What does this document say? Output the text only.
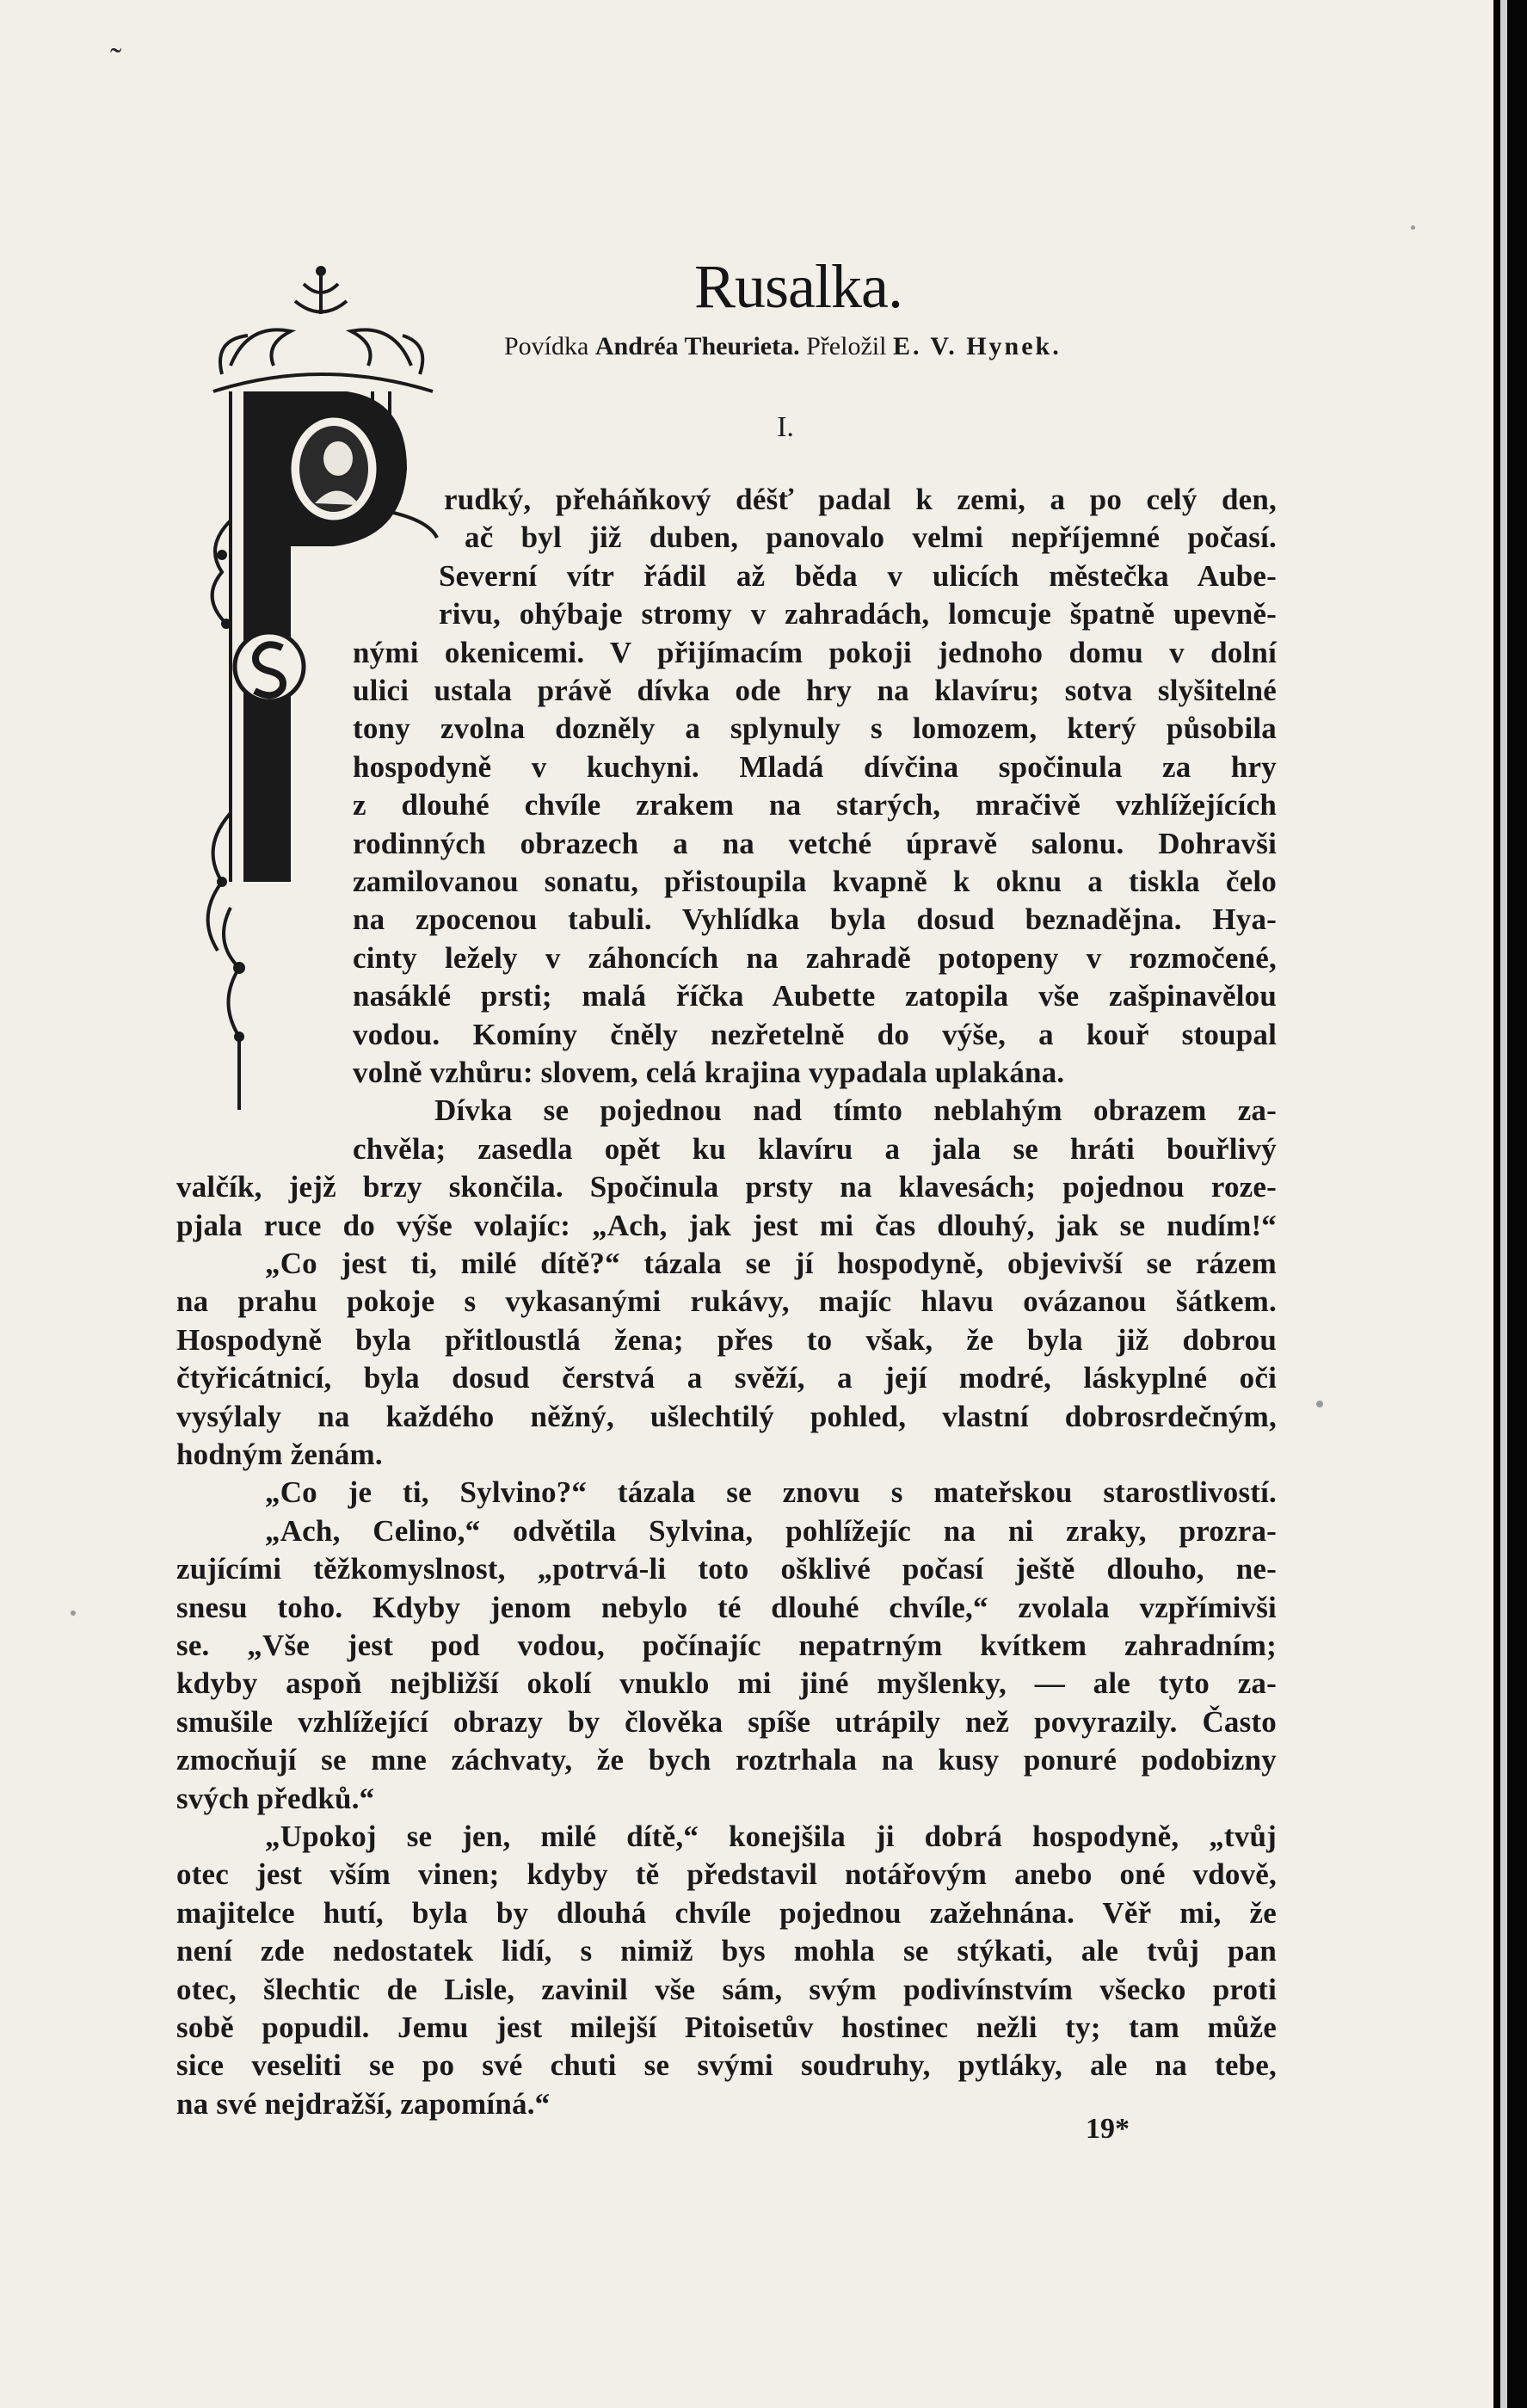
˜
Rusalka.
Povídka Andréa Theurieta. Přeložil E. V. Hynek.
I.
rudký, přeháňkový déšť padal k zemi, a po celý den,
ač byl již duben, panovalo velmi nepříjemné počasí.
Severní vítr řádil až běda v ulicích městečka Aube-
rivu, ohýbaje stromy v zahradách, lomcuje špatně upevně-
nými okenicemi. V přijímacím pokoji jednoho domu v dolní
ulici ustala právě dívka ode hry na klavíru; sotva slyšitelné
tony zvolna dozněly a splynuly s lomozem, který působila
hospodyně v kuchyni. Mladá dívčina spočinula za hry
z dlouhé chvíle zrakem na starých, mračivě vzhlížejících
rodinných obrazech a na vetché úpravě salonu. Dohravši
zamilovanou sonatu, přistoupila kvapně k oknu a tiskla čelo
na zpocenou tabuli. Vyhlídka byla dosud beznadějna. Hya-
cinty ležely v záhoncích na zahradě potopeny v rozmočené,
nasáklé prsti; malá říčka Aubette zatopila vše zašpinavělou
vodou. Komíny čněly nezřetelně do výše, a kouř stoupal
volně vzhůru: slovem, celá krajina vypadala uplakána.
Dívka se pojednou nad tímto neblahým obrazem za-
chvěla; zasedla opět ku klavíru a jala se hráti bouřlivý
valčík, jejž brzy skončila. Spočinula prsty na klavesách; pojednou roze-
pjala ruce do výše volajíc: „Ach, jak jest mi čas dlouhý, jak se nudím!“
„Co jest ti, milé dítě?“ tázala se jí hospodyně, objevivší se rázem
na prahu pokoje s vykasanými rukávy, majíc hlavu ovázanou šátkem.
Hospodyně byla přitloustlá žena; přes to však, že byla již dobrou
čtyřicátnicí, byla dosud čerstvá a svěží, a její modré, láskyplné oči
vysýlaly na každého něžný, ušlechtilý pohled, vlastní dobrosrdečným,
hodným ženám.
„Co je ti, Sylvino?“ tázala se znovu s mateřskou starostlivostí.
„Ach, Celino,“ odvětila Sylvina, pohlížejíc na ni zraky, prozra-
zujícími těžkomyslnost, „potrvá-li toto ošklivé počasí ještě dlouho, ne-
snesu toho. Kdyby jenom nebylo té dlouhé chvíle,“ zvolala vzpřímivši
se. „Vše jest pod vodou, počínajíc nepatrným kvítkem zahradním;
kdyby aspoň nejbližší okolí vnuklo mi jiné myšlenky, — ale tyto za-
smušile vzhlížející obrazy by člověka spíše utrápily než povyrazily. Často
zmocňují se mne záchvaty, že bych roztrhala na kusy ponuré podobizny
svých předků.“
„Upokoj se jen, milé dítě,“ konejšila ji dobrá hospodyně, „tvůj
otec jest vším vinen; kdyby tě představil notářovým anebo oné vdově,
majitelce hutí, byla by dlouhá chvíle pojednou zažehnána. Věř mi, že
není zde nedostatek lidí, s nimiž bys mohla se stýkati, ale tvůj pan
otec, šlechtic de Lisle, zavinil vše sám, svým podivínstvím všecko proti
sobě popudil. Jemu jest milejší Pitoisetův hostinec nežli ty; tam může
sice veseliti se po své chuti se svými soudruhy, pytláky, ale na tebe,
na své nejdražší, zapomíná.“
19*
